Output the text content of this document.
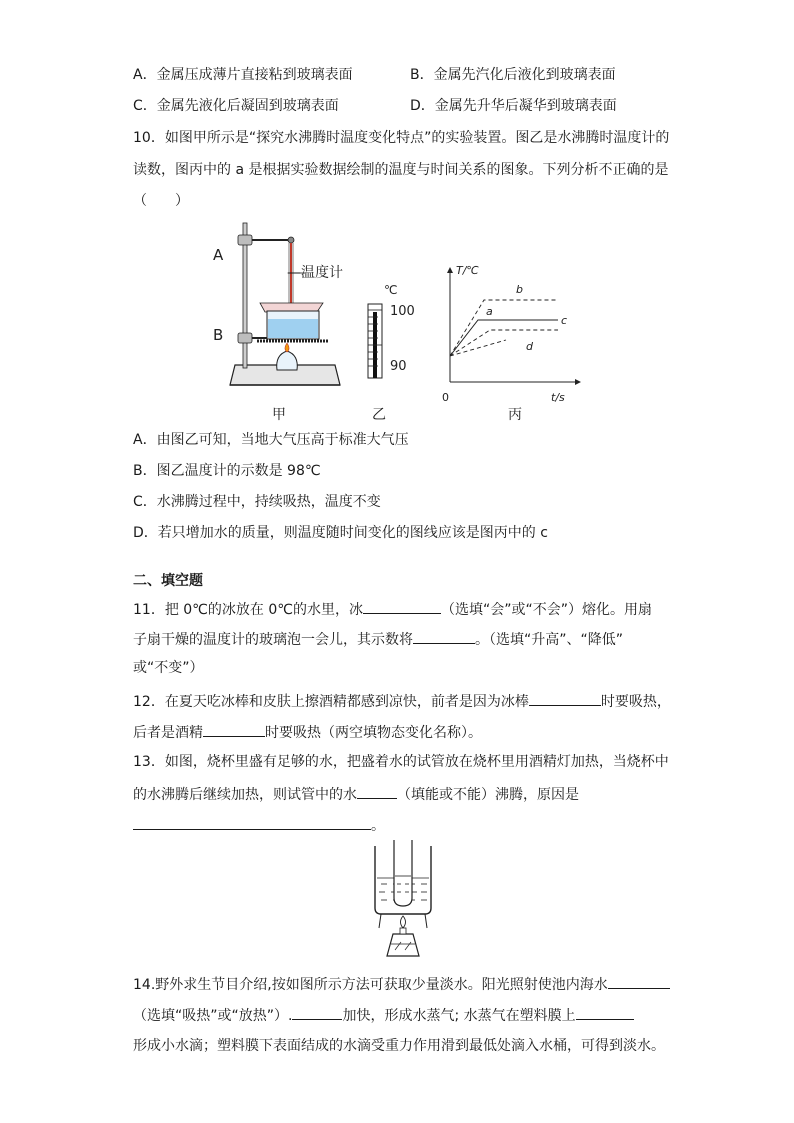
A．金属压成薄片直接粘到玻璃表面	B．金属先汽化后液化到玻璃表面
C．金属先液化后凝固到玻璃表面	D．金属先升华后凝华到玻璃表面
10．如图甲所示是“探究水沸腾时温度变化特点”的实验装置。图乙是水沸腾时温度计的
读数，图丙中的 a 是根据实验数据绘制的温度与时间关系的图象。下列分析不正确的是
（　　）
A
B
—温度计
℃
100
90
T/℃
t/s
0
b
a
c
d
甲	乙	丙
A．由图乙可知，当地大气压高于标准大气压
B．图乙温度计的示数是 98℃
C．水沸腾过程中，持续吸热，温度不变
D．若只增加水的质量，则温度随时间变化的图线应该是图丙中的 c
二、填空题
11．把 0℃的冰放在 0℃的水里，冰	（选填“会”或“不会”）熔化。用扇
子扇干燥的温度计的玻璃泡一会儿，其示数将	。（选填“升高”、“降低”
或“不变”）
12．在夏天吃冰棒和皮肤上擦酒精都感到凉快，前者是因为冰棒	时要吸热，
后者是酒精	时要吸热（两空填物态变化名称）。
13．如图，烧杯里盛有足够的水，把盛着水的试管放在烧杯里用酒精灯加热，当烧杯中
的水沸腾后继续加热，则试管中的水	（填能或不能）沸腾，原因是
。
14.野外求生节目介绍,按如图所示方法可获取少量淡水。阳光照射使池内海水
（选填“吸热”或“放热”）.	加快，形成水蒸气; 水蒸气在塑料膜上
形成小水滴；塑料膜下表面结成的水滴受重力作用滑到最低处滴入水桶，可得到淡水。
